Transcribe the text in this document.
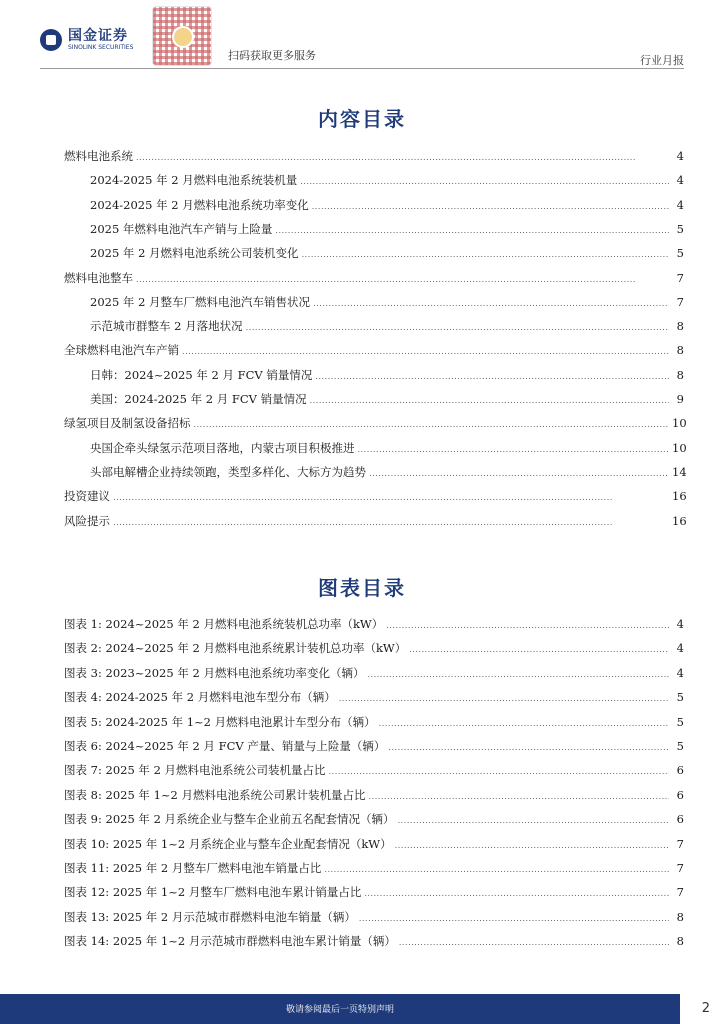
国金证券
SINOLINK SECURITIES
扫码获取更多服务	行业月报
内容目录
燃料电池系统 . . .	4
2024-2025 年 2 月燃料电池系统装机量 . . .	4
2024-2025 年 2 月燃料电池系统功率变化 . . .	4
2025 年燃料电池汽车产销与上险量 . . .	5
2025 年 2 月燃料电池系统公司装机变化 . . .	5
燃料电池整车 . . .	7
2025 年 2 月整车厂燃料电池汽车销售状况 . . .	7
示范城市群整车 2 月落地状况 . . .	8
全球燃料电池汽车产销 . . .	8
日韩：2024~2025 年 2 月 FCV 销量情况 . . .	8
美国：2024-2025 年 2 月 FCV 销量情况 . . .	9
绿氢项目及制氢设备招标 . . .	10
央国企牵头绿氢示范项目落地，内蒙古项目积极推进 . . .	10
头部电解槽企业持续领跑，类型多样化、大标方为趋势 . . .	14
投资建议 . . .	16
风险提示 . . .	16
图表目录
图表 1: 2024~2025 年 2 月燃料电池系统装机总功率（kW） . . .	4
图表 2: 2024~2025 年 2 月燃料电池系统累计装机总功率（kW） . . .	4
图表 3: 2023~2025 年 2 月燃料电池系统功率变化（辆） . . .	4
图表 4: 2024-2025 年 2 月燃料电池车型分布（辆） . . .	5
图表 5: 2024-2025 年 1~2 月燃料电池累计车型分布（辆） . . .	5
图表 6: 2024~2025 年 2 月 FCV 产量、销量与上险量（辆） . . .	5
图表 7: 2025 年 2 月燃料电池系统公司装机量占比 . . .	6
图表 8: 2025 年 1~2 月燃料电池系统公司累计装机量占比 . . .	6
图表 9: 2025 年 2 月系统企业与整车企业前五名配套情况（辆） . . .	6
图表 10: 2025 年 1~2 月系统企业与整车企业配套情况（kW） . . .	7
图表 11: 2025 年 2 月整车厂燃料电池车销量占比 . . .	7
图表 12: 2025 年 1~2 月整车厂燃料电池车累计销量占比 . . .	7
图表 13: 2025 年 2 月示范城市群燃料电池车销量（辆） . . .	8
图表 14: 2025 年 1~2 月示范城市群燃料电池车累计销量（辆） . . .	8
敬请参阅最后一页特别声明	2
